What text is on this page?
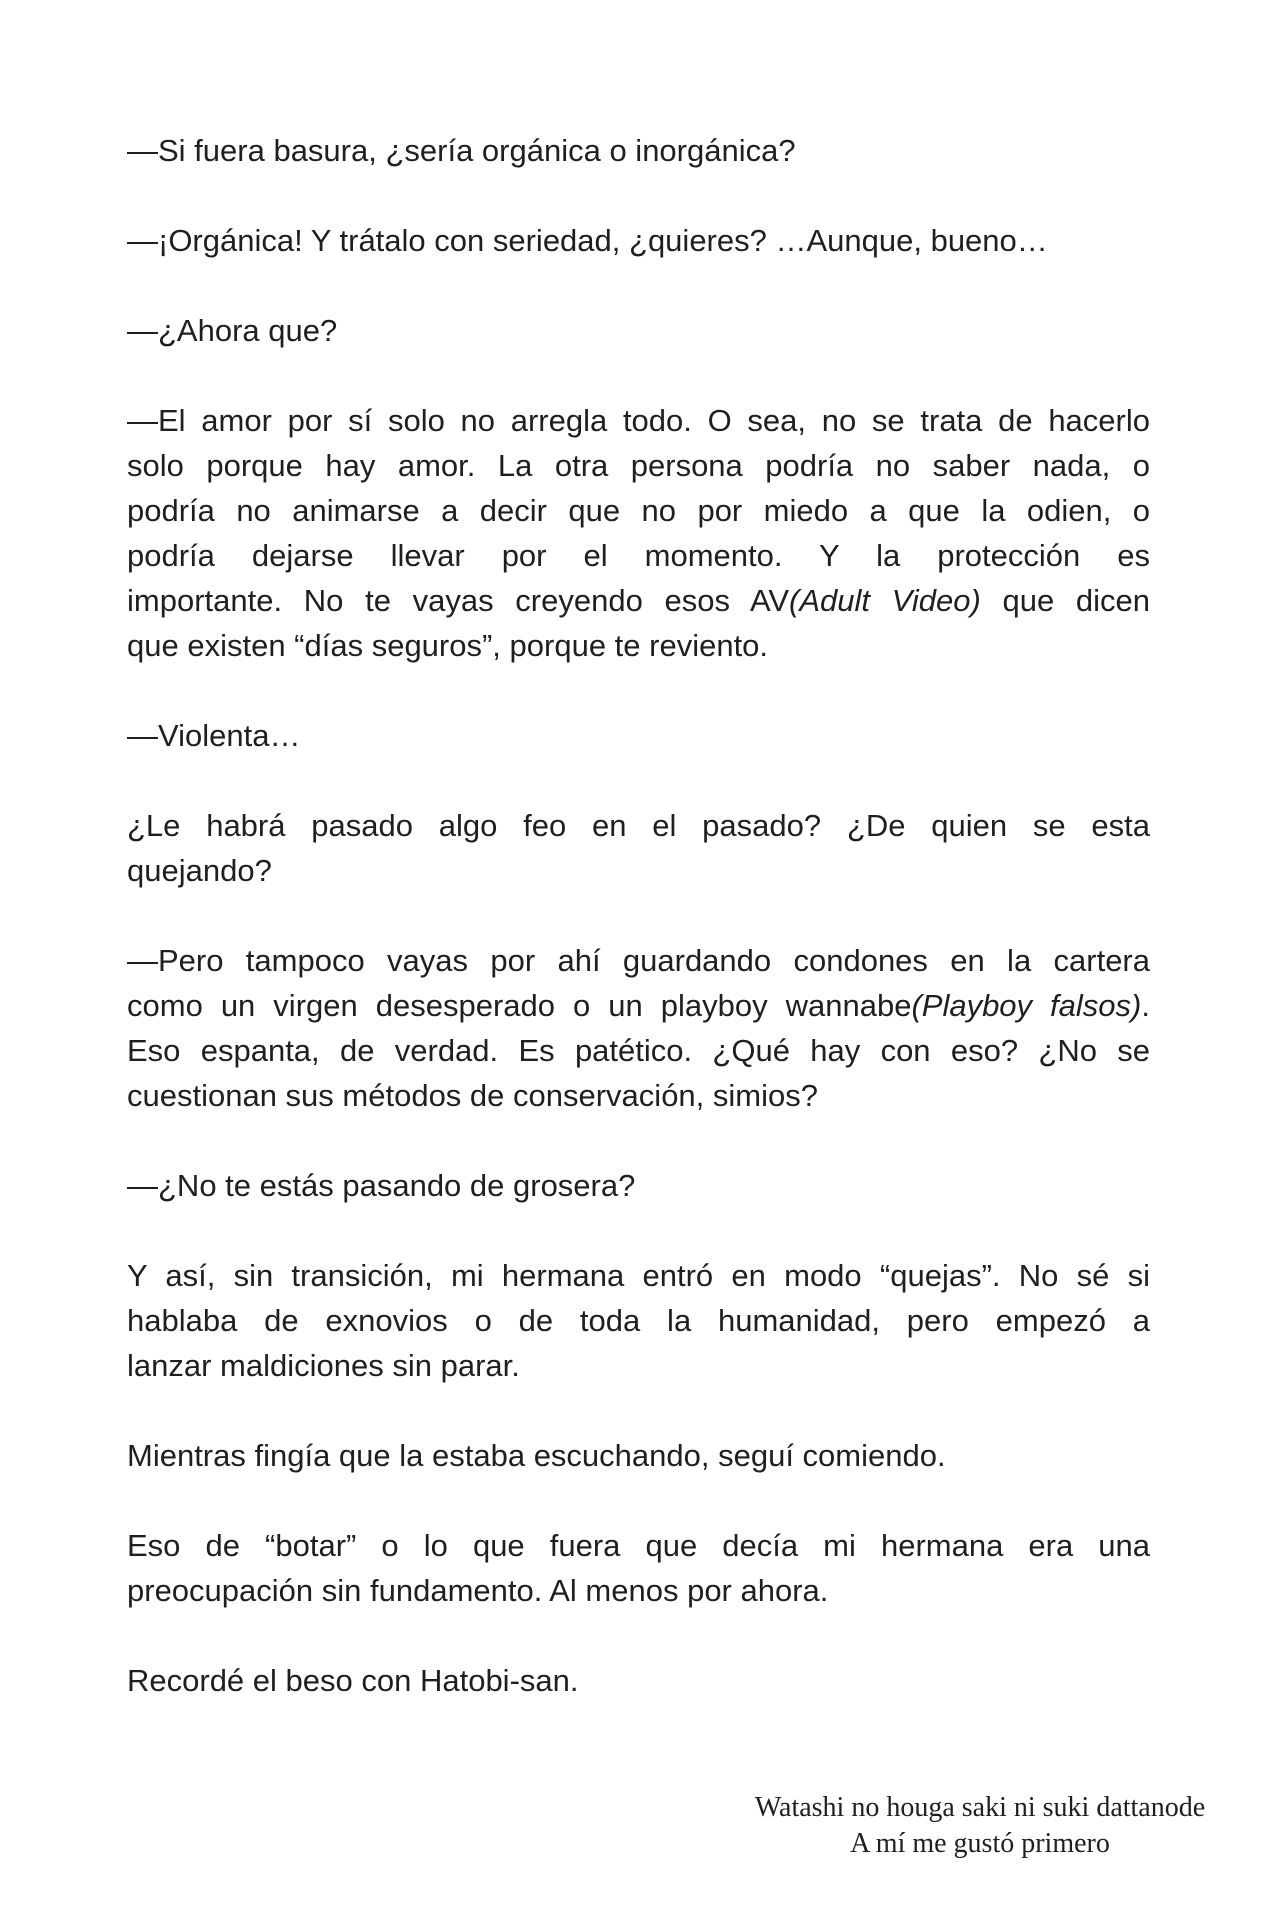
—Si fuera basura, ¿sería orgánica o inorgánica?

—¡Orgánica! Y trátalo con seriedad, ¿quieres? …Aunque, bueno…

—¿Ahora que?

—El amor por sí solo no arregla todo. O sea, no se trata de hacerlo
solo porque hay amor. La otra persona podría no saber nada, o
podría no animarse a decir que no por miedo a que la odien, o
podría dejarse llevar por el momento. Y la protección es
importante. No te vayas creyendo esos AV(Adult Video) que dicen
que existen “días seguros”, porque te reviento.

—Violenta…

¿Le habrá pasado algo feo en el pasado? ¿De quien se esta
quejando?

—Pero tampoco vayas por ahí guardando condones en la cartera
como un virgen desesperado o un playboy wannabe(Playboy falsos).
Eso espanta, de verdad. Es patético. ¿Qué hay con eso? ¿No se
cuestionan sus métodos de conservación, simios?

—¿No te estás pasando de grosera?

Y así, sin transición, mi hermana entró en modo “quejas”. No sé si
hablaba de exnovios o de toda la humanidad, pero empezó a
lanzar maldiciones sin parar.

Mientras fingía que la estaba escuchando, seguí comiendo.

Eso de “botar” o lo que fuera que decía mi hermana era una
preocupación sin fundamento. Al menos por ahora.

Recordé el beso con Hatobi-san.

Watashi no houga saki ni suki dattanode
A mí me gustó primero
